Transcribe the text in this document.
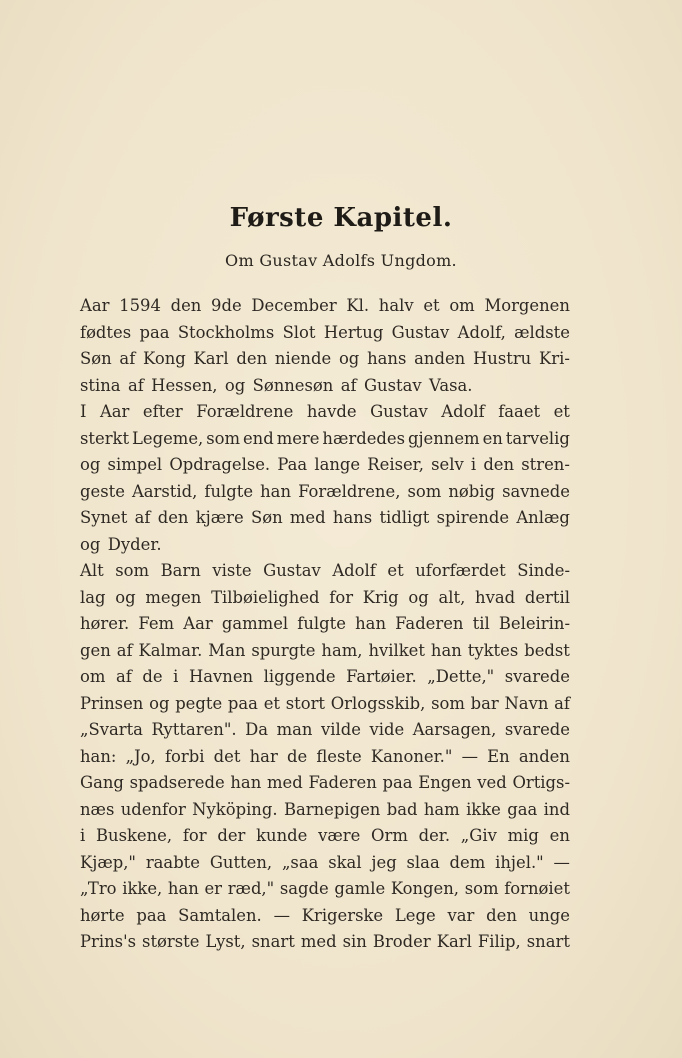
Første Kapitel.
Om Gustav Adolfs Ungdom.
Aar 1594 den 9de December Kl. halv et om Morgenen
fødtes paa Stockholms Slot Hertug Gustav Adolf, ældste
Søn af Kong Karl den niende og hans anden Hustru Kri-
stina af Hessen, og Sønnesøn af Gustav Vasa.
I Aar efter Forældrene havde Gustav Adolf faaet et
sterkt Legeme, som end mere hærdedes gjennem en tarvelig
og simpel Opdragelse. Paa lange Reiser, selv i den stren-
geste Aarstid, fulgte han Forældrene, som nøbig savnede
Synet af den kjære Søn med hans tidligt spirende Anlæg
og Dyder.
Alt som Barn viste Gustav Adolf et uforfærdet Sinde-
lag og megen Tilbøielighed for Krig og alt, hvad dertil
hører. Fem Aar gammel fulgte han Faderen til Beleirin-
gen af Kalmar. Man spurgte ham, hvilket han tyktes bedst
om af de i Havnen liggende Fartøier. „Dette," svarede
Prinsen og pegte paa et stort Orlogsskib, som bar Navn af
„Svarta Ryttaren". Da man vilde vide Aarsagen, svarede
han: „Jo, forbi det har de fleste Kanoner." — En anden
Gang spadserede han med Faderen paa Engen ved Ortigs-
næs udenfor Nyköping. Barnepigen bad ham ikke gaa ind
i Buskene, for der kunde være Orm der. „Giv mig en
Kjæp," raabte Gutten, „saa skal jeg slaa dem ihjel." —
„Tro ikke, han er ræd," sagde gamle Kongen, som fornøiet
hørte paa Samtalen. — Krigerske Lege var den unge
Prins's største Lyst, snart med sin Broder Karl Filip, snart
